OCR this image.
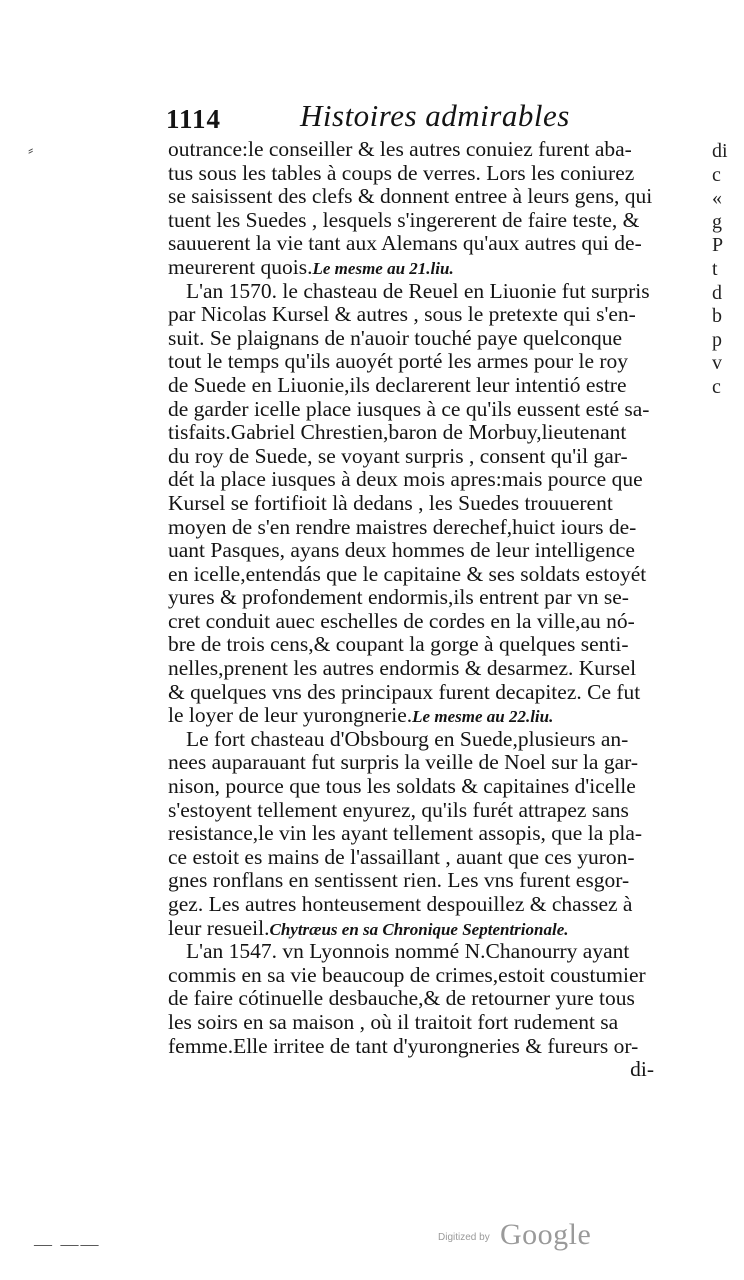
1114	Histoires admirables
⸗	outrance:le conseiller & les autres conuiez furent aba-
tus sous les tables à coups de verres. Lors les coniurez
se saisissent des clefs & donnent entree à leurs gens, qui
tuent les Suedes , lesquels s'ingererent de faire teste, &
sauuerent la vie tant aux Alemans qu'aux autres qui de-
meurerent quois.Le mesme au 21.liu.
L'an 1570. le chasteau de Reuel en Liuonie fut surpris
par Nicolas Kursel & autres , sous le pretexte qui s'en-
suit. Se plaignans de n'auoir touché paye quelconque
tout le temps qu'ils auoyét porté les armes pour le roy
de Suede en Liuonie,ils declarerent leur intentió estre
de garder icelle place iusques à ce qu'ils eussent esté sa-
tisfaits.Gabriel Chrestien,baron de Morbuy,lieutenant
du roy de Suede, se voyant surpris , consent qu'il gar-
dét la place iusques à deux mois apres:mais pource que
Kursel se fortifioit là dedans , les Suedes trouuerent
moyen de s'en rendre maistres derechef,huict iours de-
uant Pasques, ayans deux hommes de leur intelligence
en icelle,entendás que le capitaine & ses soldats estoyét
yures & profondement endormis,ils entrent par vn se-
cret conduit auec eschelles de cordes en la ville,au nó-
bre de trois cens,& coupant la gorge à quelques senti-
nelles,prenent les autres endormis & desarmez. Kursel
& quelques vns des principaux furent decapitez. Ce fut
le loyer de leur yurongnerie.Le mesme au 22.liu.
Le fort chasteau d'Obsbourg en Suede,plusieurs an-
nees auparauant fut surpris la veille de Noel sur la gar-
nison, pource que tous les soldats & capitaines d'icelle
s'estoyent tellement enyurez, qu'ils furét attrapez sans
resistance,le vin les ayant tellement assopis, que la pla-
ce estoit es mains de l'assaillant , auant que ces yuron-
gnes ronflans en sentissent rien. Les vns furent esgor-
gez. Les autres honteusement despouillez & chassez à
leur resueil.Chytræus en sa Chronique Septentrionale.
L'an 1547. vn Lyonnois nommé N.Chanourry ayant
commis en sa vie beaucoup de crimes,estoit coustumier
de faire cótinuelle desbauche,& de retourner yure tous
les soirs en sa maison , où il traitoit fort rudement sa
femme.Elle irritee de tant d'yurongneries & fureurs or-
di-
di
c
«
g
P
t
d
b
p
v
c
— ——	Digitized by Google
